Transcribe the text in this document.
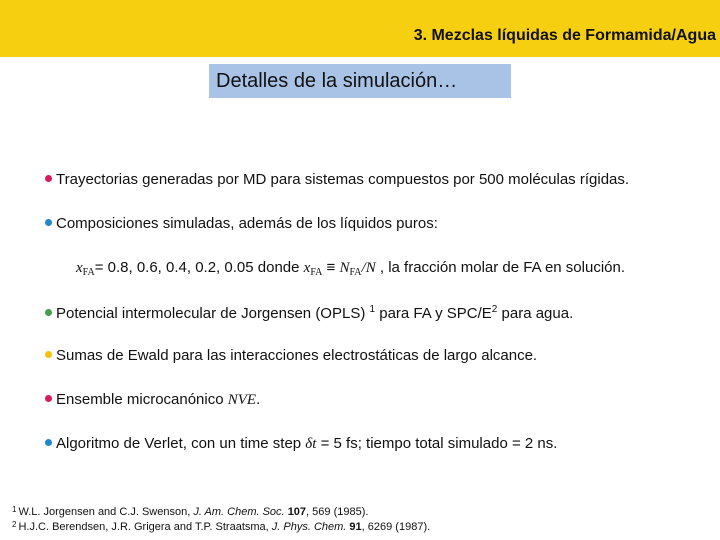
3. Mezclas líquidas de Formamida/Agua
Detalles de la simulación…
Trayectorias generadas por MD para sistemas compuestos por 500 moléculas rígidas.
Composiciones simuladas, además de los líquidos puros:
$x_{FA}= 0.8$, 0.6, 0.4, 0.2, 0.05 donde $x_{FA} \equiv N_{FA}/N$ , la fracción molar de FA en solución.
Potencial intermolecular de Jorgensen (OPLS) $^1$ para FA y SPC/$E^2$ para agua.
Sumas de Ewald para las interacciones electrostáticas de largo alcance.
Ensemble microcanónico NVE.
Algoritmo de Verlet, con un time step δt = 5 fs; tiempo total simulado = 2 ns.
$^1$ W.L. Jorgensen and C.J. Swenson, J. Am. Chem. Soc. 107, 569 (1985).
$^2$ H.J.C. Berendsen, J.R. Grigera and T.P. Straatsma, J. Phys. Chem. 91, 6269 (1987).
